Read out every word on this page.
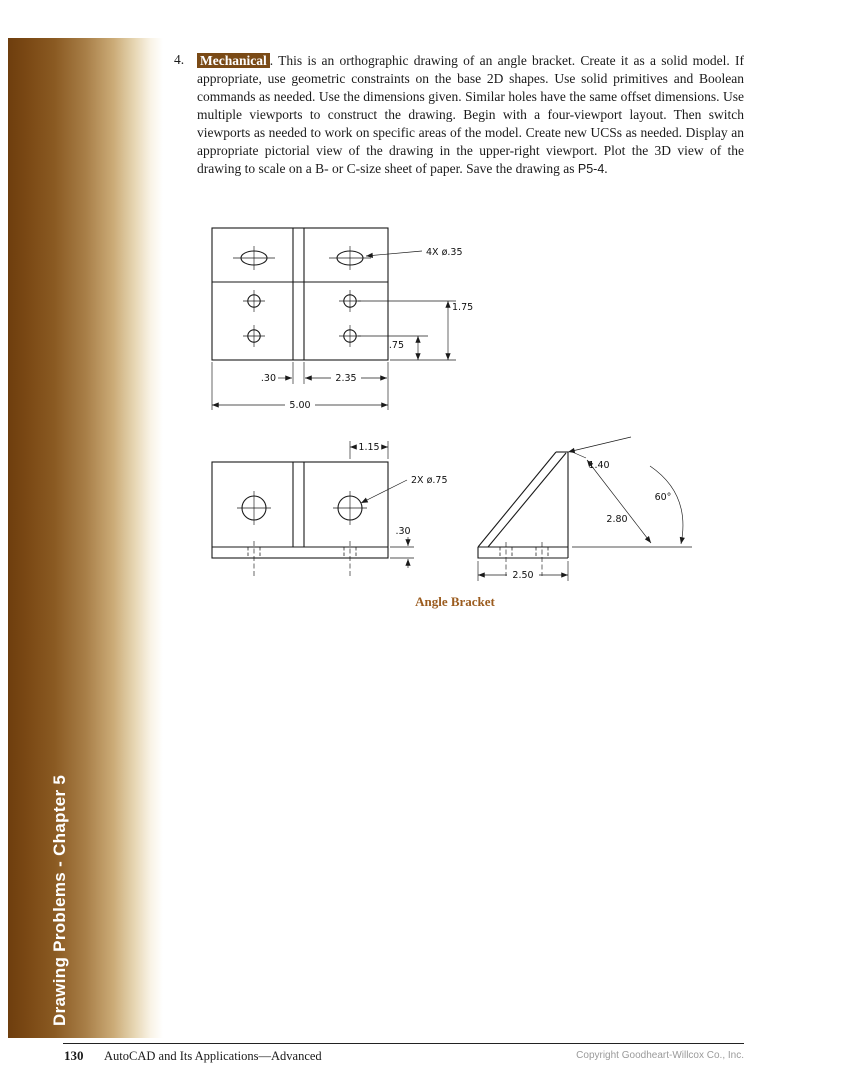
Drawing Problems - Chapter 5
4. Mechanical . This is an orthographic drawing of an angle bracket. Create it as a solid model. If appropriate, use geometric constraints on the base 2D shapes. Use solid primitives and Boolean commands as needed. Use the dimensions given. Similar holes have the same offset dimensions. Use multiple viewports to construct the drawing. Begin with a four-viewport layout. Then switch viewports as needed to work on specific areas of the model. Create new UCSs as needed. Display an appropriate pictorial view of the drawing in the upper-right viewport. Plot the 3D view of the drawing to scale on a B- or C-size sheet of paper. Save the drawing as P5-4.
4X ø.35
1.75
.75
.30	2.35
5.00
1.15
2X ø.75
.30
1.40
2.80
60°
2.50
Angle Bracket
130 AutoCAD and Its Applications—Advanced	Copyright Goodheart-Willcox Co., Inc.
